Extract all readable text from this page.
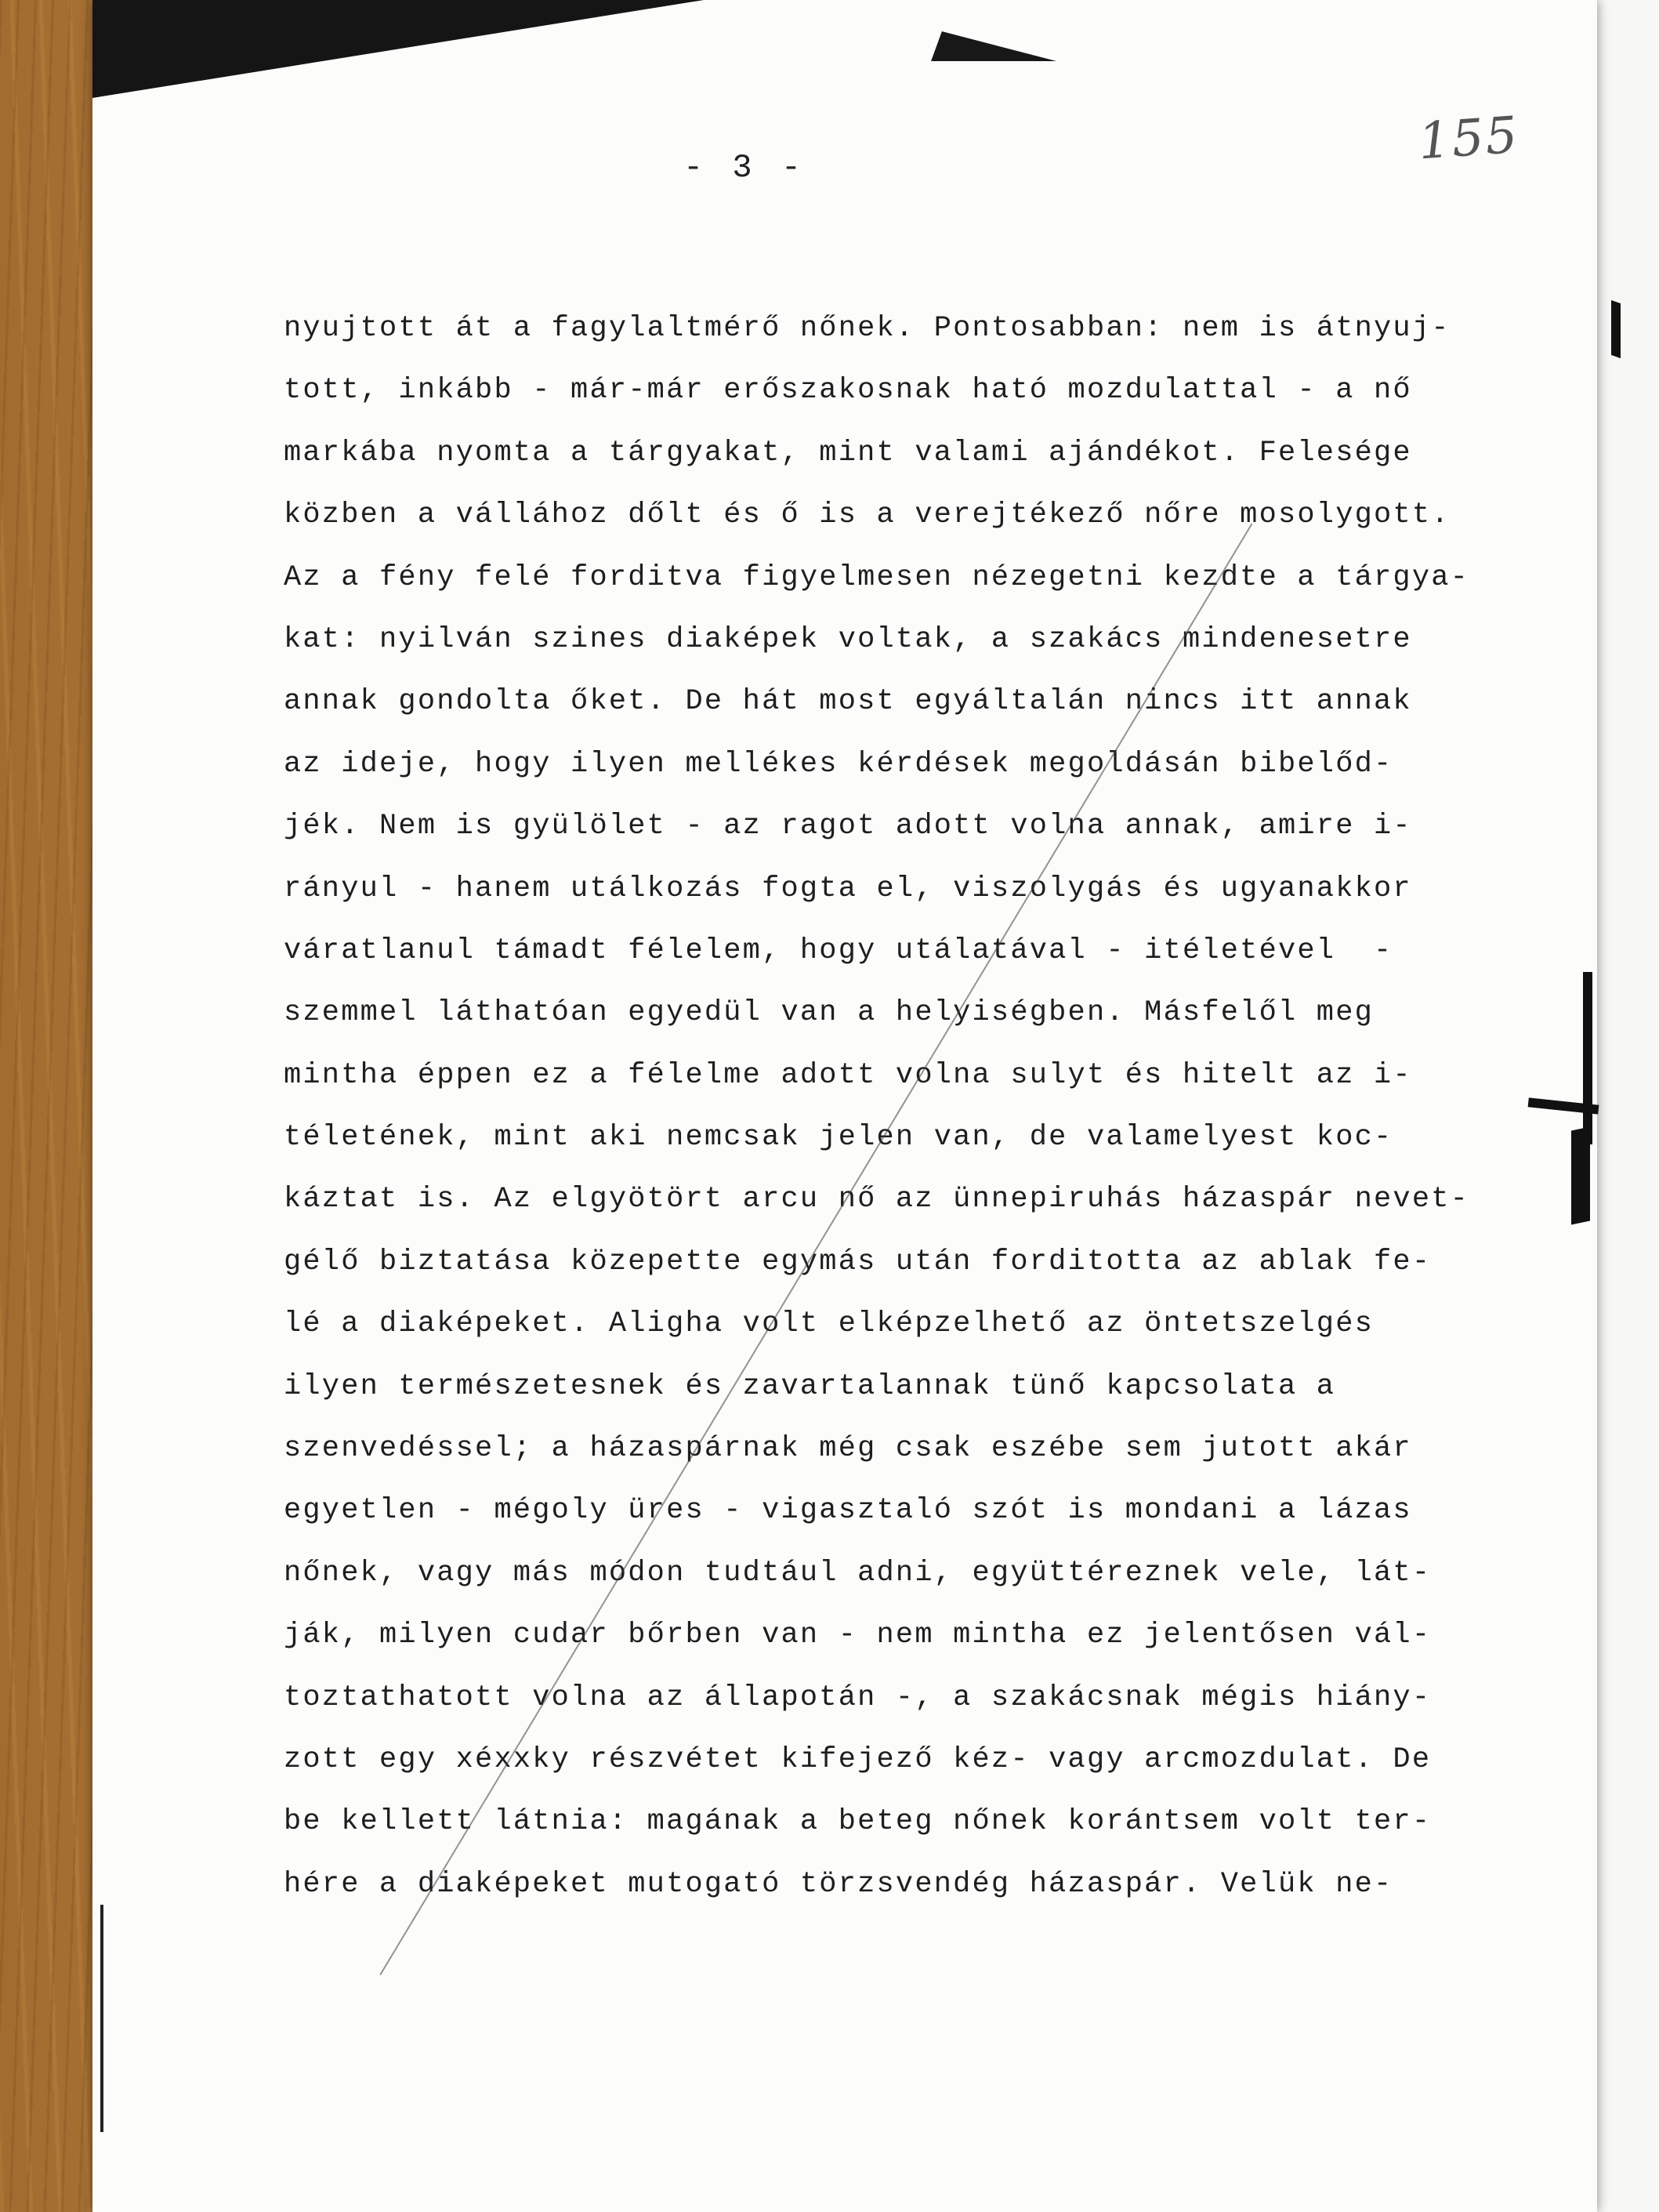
- 3 -	155
nyujtott át a fagylaltmérő nőnek. Pontosabban: nem is átnyuj-
tott, inkább - már-már erőszakosnak ható mozdulattal - a nő
markába nyomta a tárgyakat, mint valami ajándékot. Felesége
közben a vállához dőlt és ő is a verejtékező nőre mosolygott.
Az a fény felé forditva figyelmesen nézegetni kezdte a tárgya-
kat: nyilván szines diaképek voltak, a szakács mindenesetre
annak gondolta őket. De hát most egyáltalán nincs itt annak
az ideje, hogy ilyen mellékes kérdések megoldásán bibelőd-
jék. Nem is gyülölet - az ragot adott volna annak, amire i-
rányul - hanem utálkozás fogta el, viszolygás és ugyanakkor
váratlanul támadt félelem, hogy utálatával - itéletével  -
szemmel láthatóan egyedül van a helyiségben. Másfelől meg
mintha éppen ez a félelme adott volna sulyt és hitelt az i-
téletének, mint aki nemcsak jelen van, de valamelyest koc-
káztat is. Az elgyötört arcu nő az ünnepiruhás házaspár nevet-
gélő biztatása közepette egymás után forditotta az ablak fe-
lé a diaképeket. Aligha volt elképzelhető az öntetszelgés
ilyen természetesnek és zavartalannak tünő kapcsolata a
szenvedéssel; a házaspárnak még csak eszébe sem jutott akár
egyetlen - mégoly üres - vigasztaló szót is mondani a lázas
nőnek, vagy más módon tudtául adni, együttéreznek vele, lát-
ják, milyen cudar bőrben van - nem mintha ez jelentősen vál-
toztathatott volna az állapotán -, a szakácsnak mégis hiány-
zott egy xéxxky részvétet kifejező kéz- vagy arcmozdulat. De
be kellett látnia: magának a beteg nőnek korántsem volt ter-
hére a diaképeket mutogató törzsvendég házaspár. Velük ne-
